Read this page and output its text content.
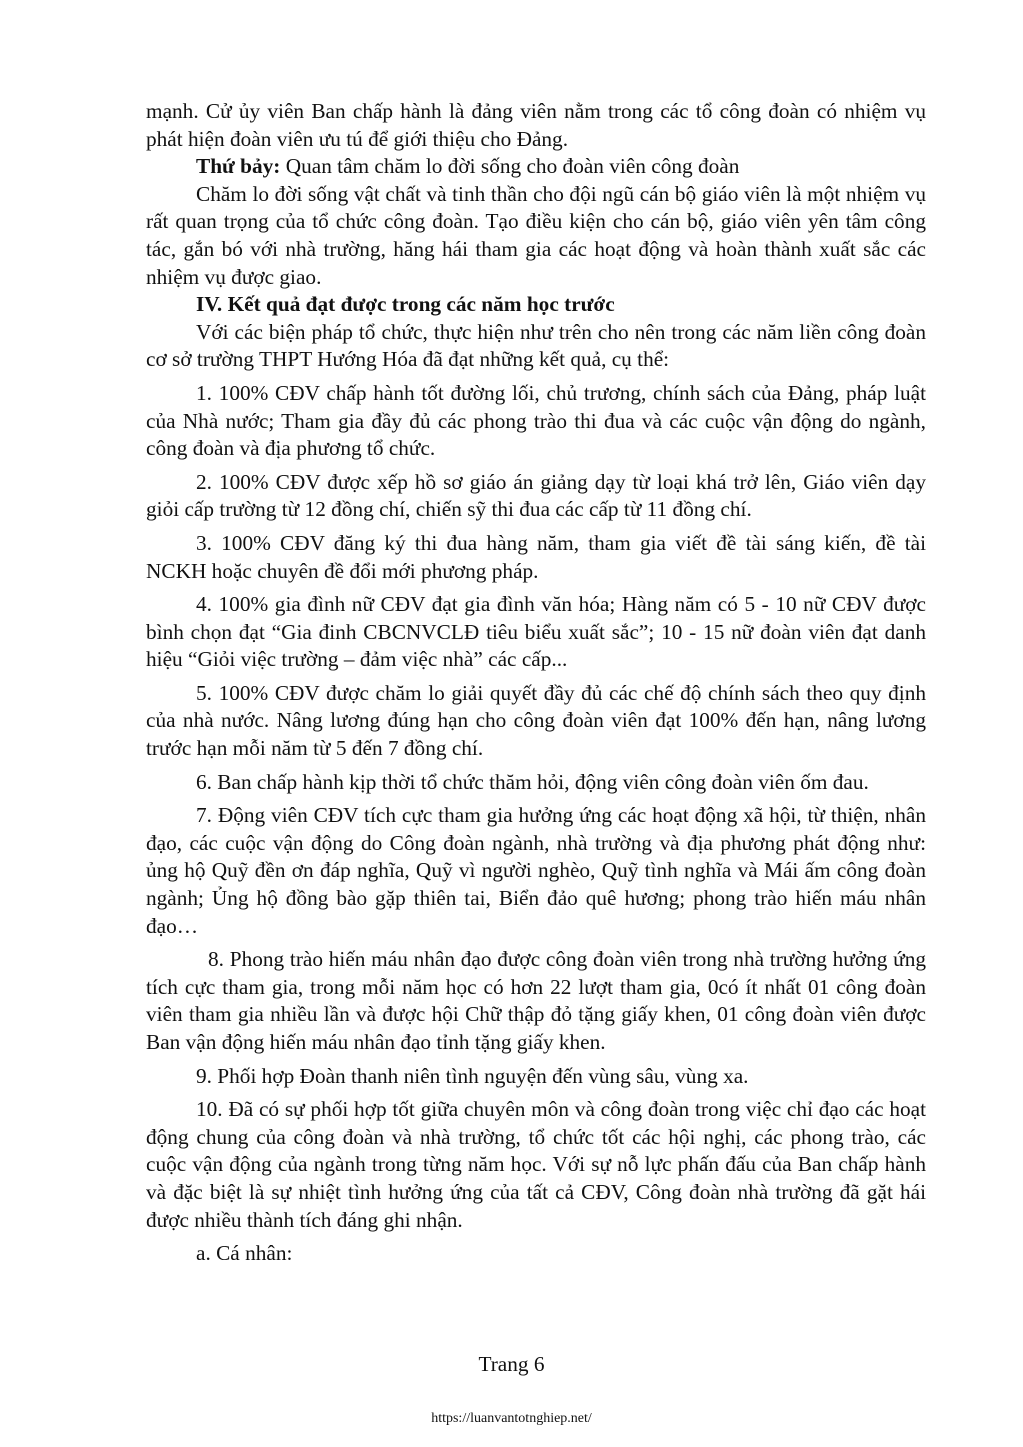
mạnh. Cử ủy viên Ban chấp hành là đảng viên nằm trong các tổ công đoàn có nhiệm vụ phát hiện đoàn viên ưu tú để giới thiệu cho Đảng.

Thứ bảy: Quan tâm chăm lo đời sống cho đoàn viên công đoàn

Chăm lo đời sống vật chất và tinh thần cho đội ngũ cán bộ giáo viên là một nhiệm vụ rất quan trọng của tổ chức công đoàn. Tạo điều kiện cho cán bộ, giáo viên yên tâm công tác, gắn bó với nhà trường, hăng hái tham gia các hoạt động và hoàn thành xuất sắc các nhiệm vụ được giao.

IV. Kết quả đạt được trong các năm học trước

Với các biện pháp tổ chức, thực hiện như trên cho nên trong các năm liền công đoàn cơ sở trường THPT Hướng Hóa đã đạt những kết quả, cụ thể:

1. 100% CĐV chấp hành tốt đường lối, chủ trương, chính sách của Đảng, pháp luật của Nhà nước; Tham gia đầy đủ các phong trào thi đua và các cuộc vận động do ngành, công đoàn và địa phương tổ chức.

2. 100% CĐV được xếp hồ sơ giáo án giảng dạy từ loại khá trở lên, Giáo viên dạy giỏi cấp trường từ 12 đồng chí, chiến sỹ thi đua các cấp từ 11 đồng chí.

3. 100% CĐV đăng ký thi đua hàng năm, tham gia viết đề tài sáng kiến, đề tài NCKH hoặc chuyên đề đổi mới phương pháp.

4. 100% gia đình nữ CĐV đạt gia đình văn hóa; Hàng năm có 5 - 10 nữ CĐV được bình chọn đạt “Gia đinh CBCNVCLĐ tiêu biểu xuất sắc”; 10 - 15 nữ đoàn viên đạt danh hiệu “Giỏi việc trường – đảm việc nhà” các cấp...

5. 100% CĐV được chăm lo giải quyết đầy đủ các chế độ chính sách theo quy định của nhà nước. Nâng lương đúng hạn cho công đoàn viên đạt 100% đến hạn, nâng lương trước hạn mỗi năm từ 5 đến 7 đồng chí.

6. Ban chấp hành kịp thời tổ chức thăm hỏi, động viên công đoàn viên ốm đau.

7. Động viên CĐV tích cực tham gia hưởng ứng các hoạt động xã hội, từ thiện, nhân đạo, các cuộc vận động do Công đoàn ngành, nhà trường và địa phương phát động như: ủng hộ Quỹ đền ơn đáp nghĩa, Quỹ vì người nghèo, Quỹ tình nghĩa và Mái ấm công đoàn ngành; Ủng hộ đồng bào gặp thiên tai, Biển đảo quê hương; phong trào hiến máu nhân đạo…

8. Phong trào hiến máu nhân đạo được công đoàn viên trong nhà trường hưởng ứng tích cực tham gia, trong mỗi năm học có hơn 22 lượt tham gia, 0có ít nhất 01 công đoàn viên tham gia nhiều lần và được hội Chữ thập đỏ tặng giấy khen, 01 công đoàn viên được Ban vận động hiến máu nhân đạo tỉnh tặng giấy khen.

9. Phối hợp Đoàn thanh niên tình nguyện đến vùng sâu, vùng xa.

10. Đã có sự phối hợp tốt giữa chuyên môn và công đoàn trong việc chỉ đạo các hoạt động chung của công đoàn và nhà trường, tổ chức tốt các hội nghị, các phong trào, các cuộc vận động của ngành trong từng năm học. Với sự nỗ lực phấn đấu của Ban chấp hành và đặc biệt là sự nhiệt tình hưởng ứng của tất cả CĐV, Công đoàn nhà trường đã gặt hái được nhiều thành tích đáng ghi nhận.

a. Cá nhân:

Trang 6
https://luanvantotnghiep.net/
